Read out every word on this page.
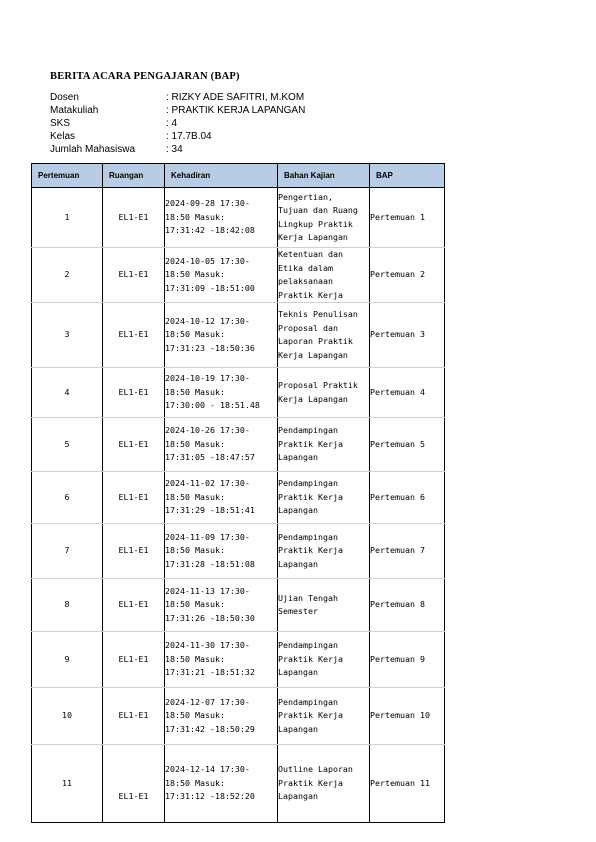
BERITA ACARA PENGAJARAN (BAP)
Dosen	: RIZKY ADE SAFITRI, M.KOM
Matakuliah	: PRAKTIK KERJA LAPANGAN
SKS	: 4
Kelas	: 17.7B.04
Jumlah Mahasiswa	: 34
Pertemuan	Ruangan	Kehadiran	Bahan Kajian	BAP
1	EL1-E1	2024-09-28 17:30-
18:50 Masuk:
17:31:42 -18:42:08	Pengertian,
Tujuan dan Ruang
Lingkup Praktik
Kerja Lapangan	Pertemuan 1
2	EL1-E1	2024-10-05 17:30-
18:50 Masuk:
17:31:09 -18:51:00	Ketentuan dan
Etika dalam
pelaksanaan
Praktik Kerja	Pertemuan 2
3	EL1-E1	2024-10-12 17:30-
18:50 Masuk:
17:31:23 -18:50:36	Teknis Penulisan
Proposal dan
Laporan Praktik
Kerja Lapangan	Pertemuan 3
4	EL1-E1	2024-10-19 17:30-
18:50 Masuk:
17:30:00 - 18:51.48	Proposal Praktik
Kerja Lapangan	Pertemuan 4
5	EL1-E1	2024-10-26 17:30-
18:50 Masuk:
17:31:05 -18:47:57	Pendampingan
Praktik Kerja
Lapangan	Pertemuan 5
6	EL1-E1	2024-11-02 17:30-
18:50 Masuk:
17:31:29 -18:51:41	Pendampingan
Praktik Kerja
Lapangan	Pertemuan 6
7	EL1-E1	2024-11-09 17:30-
18:50 Masuk:
17:31:28 -18:51:08	Pendampingan
Praktik Kerja
Lapangan	Pertemuan 7
8	EL1-E1	2024-11-13 17:30-
18:50 Masuk:
17:31:26 -18:50:30	Ujian Tengah
Semester	Pertemuan 8
9	EL1-E1	2024-11-30 17:30-
18:50 Masuk:
17:31:21 -18:51:32	Pendampingan
Praktik Kerja
Lapangan	Pertemuan 9
10	EL1-E1	2024-12-07 17:30-
18:50 Masuk:
17:31:42 -18:50:29	Pendampingan
Praktik Kerja
Lapangan	Pertemuan 10
11	EL1-E1	2024-12-14 17:30-
18:50 Masuk:
17:31:12 -18:52:20	Outline Laporan
Praktik Kerja
Lapangan	Pertemuan 11
